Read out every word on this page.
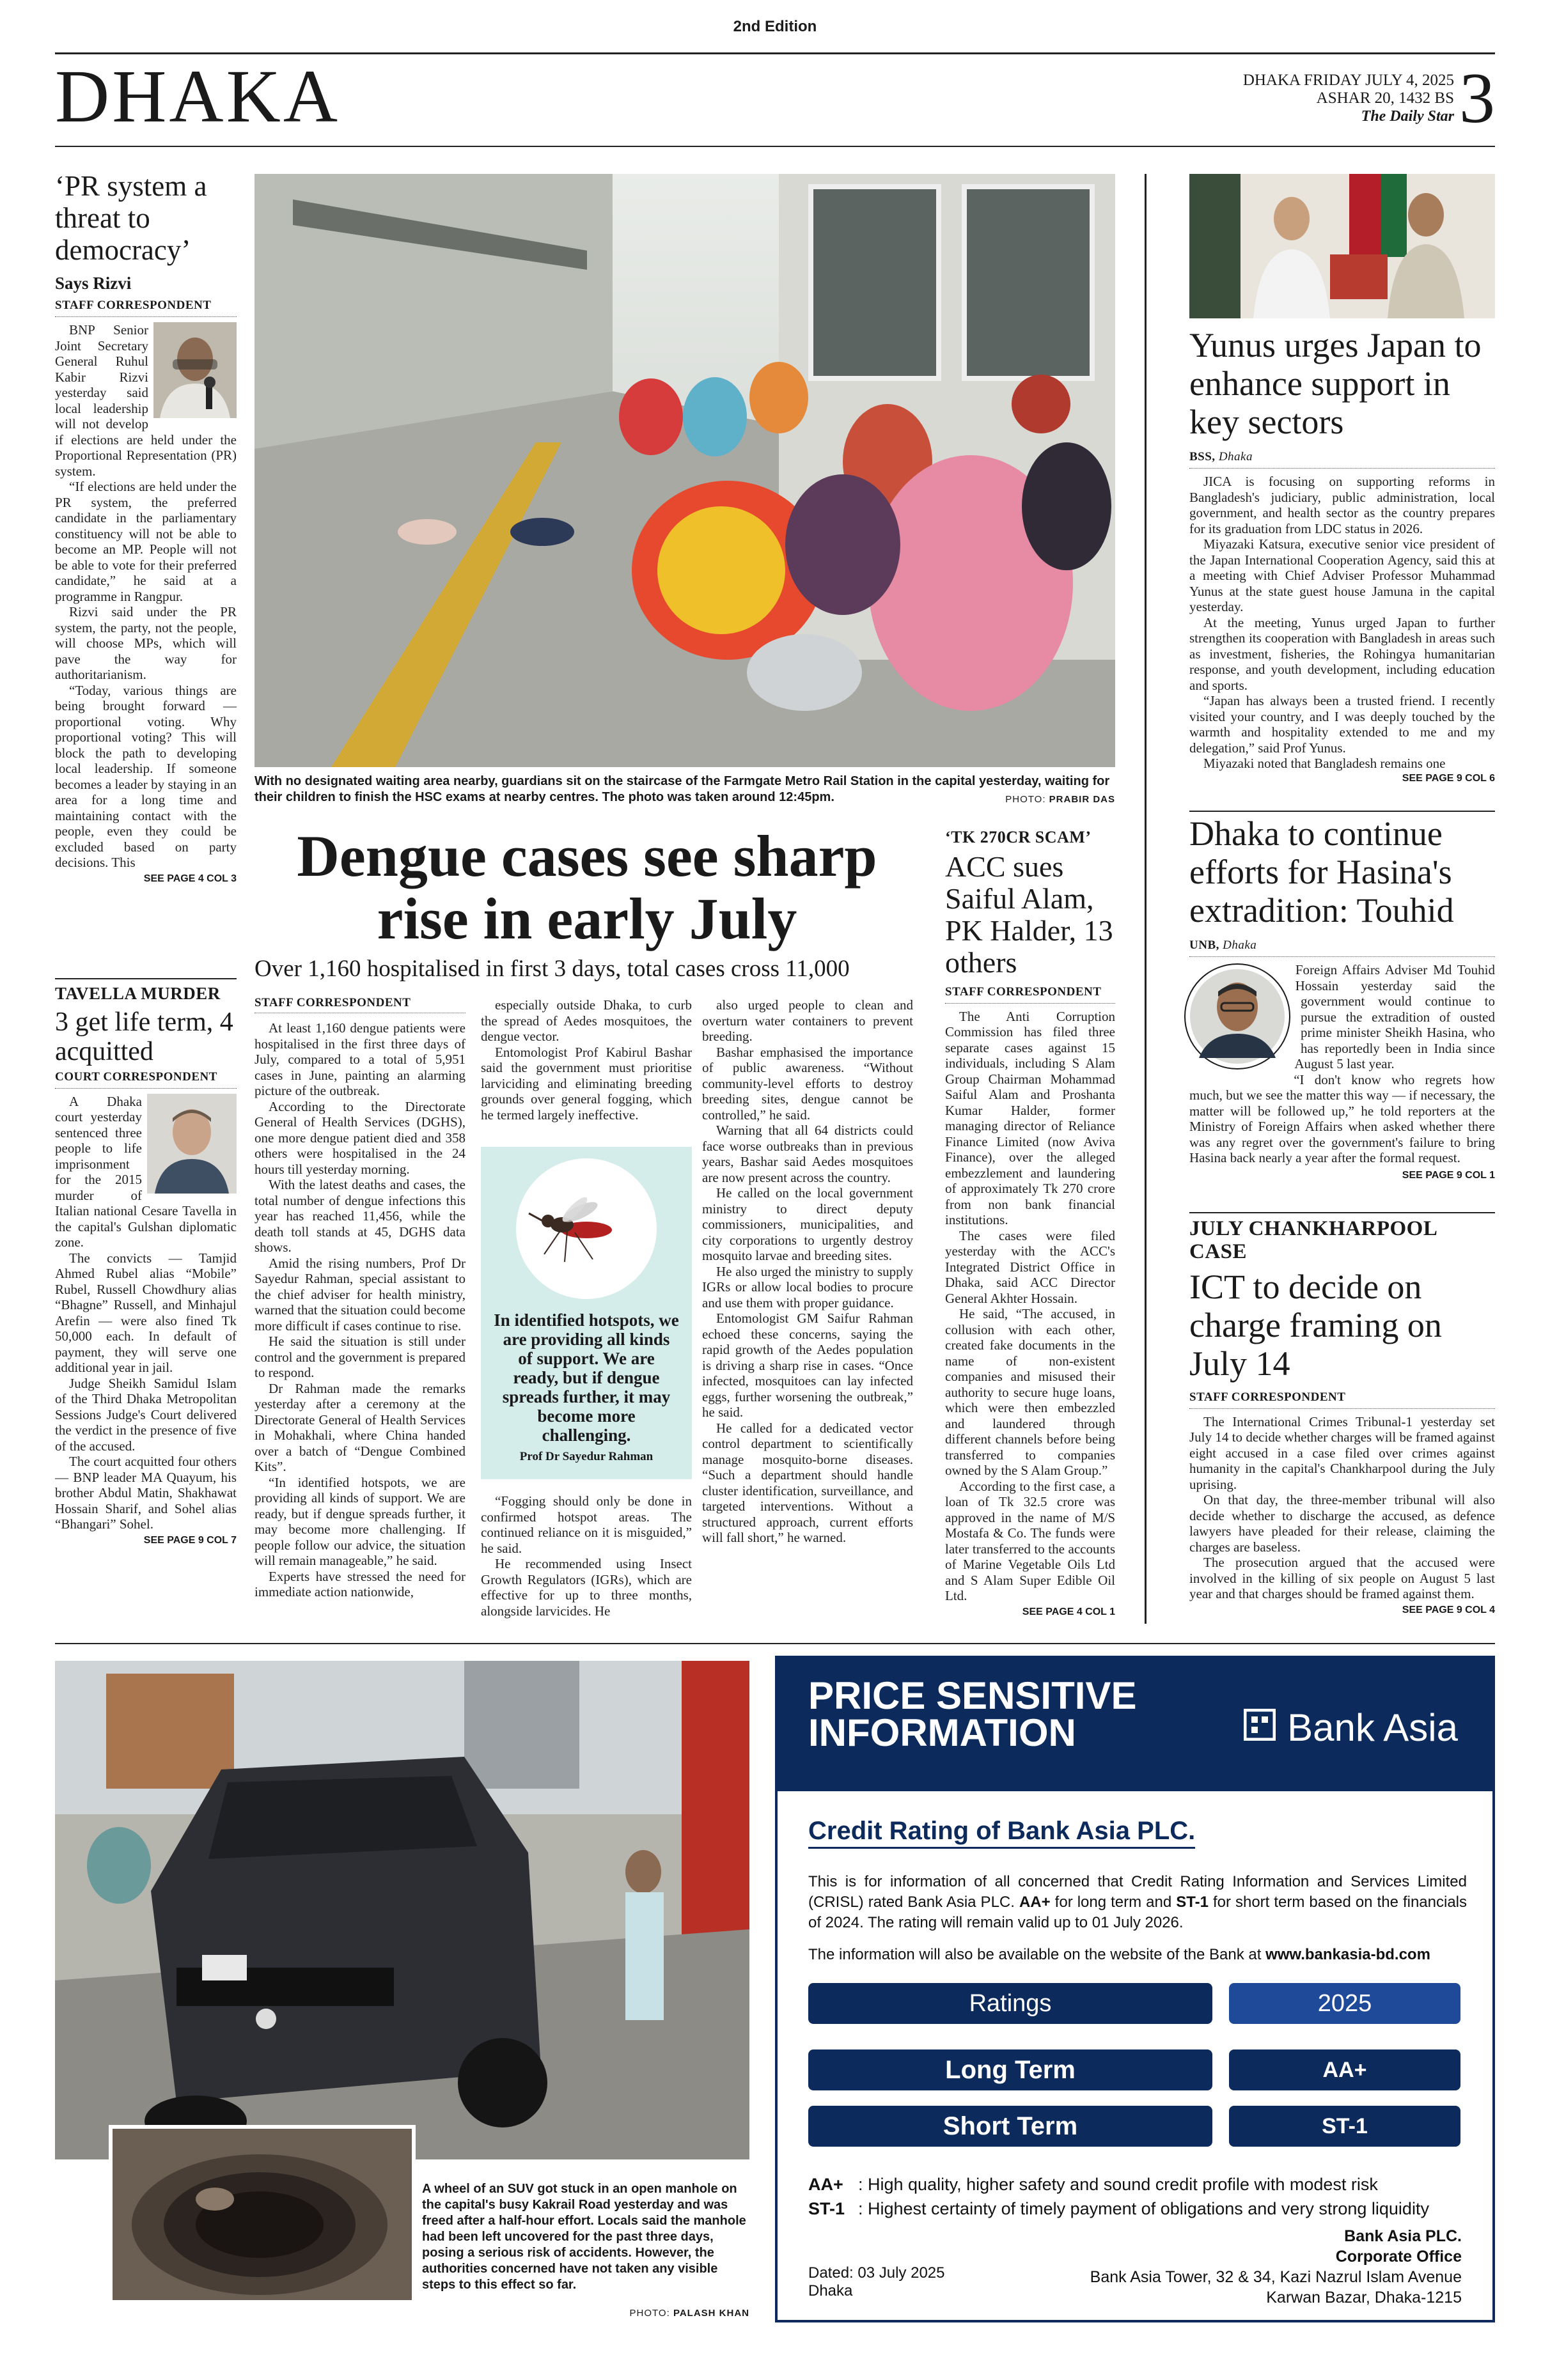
2nd Edition
DHAKA	DHAKA FRIDAY JULY 4, 2025
ASHAR 20, 1432 BS
The Daily Star 3
‘PR system a threat to democracy’
Says Rizvi
STAFF CORRESPONDENT

BNP Senior Joint Secretary General Ruhul Kabir Rizvi yesterday said local leadership will not develop if elections are held under the Proportional Representation (PR) system.

“If elections are held under the PR system, the preferred candidate in the parliamentary constituency will not be able to become an MP. People will not be able to vote for their preferred candidate,” he said at a programme in Rangpur.

Rizvi said under the PR system, the party, not the people, will choose MPs, which will pave the way for authoritarianism.

“Today, various things are being brought forward — proportional voting. Why proportional voting? This will block the path to developing local leadership. If someone becomes a leader by staying in an area for a long time and maintaining contact with the people, even they could be excluded based on party decisions. This

SEE PAGE 4 COL 3
TAVELLA MURDER
3 get life term, 4 acquitted
COURT CORRESPONDENT

A Dhaka court yesterday sentenced three people to life imprisonment for the 2015 murder of Italian national Cesare Tavella in the capital's Gulshan diplomatic zone.

The convicts — Tamjid Ahmed Rubel alias “Mobile” Rubel, Russell Chowdhury alias “Bhagne” Russell, and Minhajul Arefin — were also fined Tk 50,000 each. In default of payment, they will serve one additional year in jail.

Judge Sheikh Samidul Islam of the Third Dhaka Metropolitan Sessions Judge's Court delivered the verdict in the presence of five of the accused.

The court acquitted four others — BNP leader MA Quayum, his brother Abdul Matin, Shakhawat Hossain Sharif, and Sohel alias “Bhangari” Sohel.

SEE PAGE 9 COL 7
With no designated waiting area nearby, guardians sit on the staircase of the Farmgate Metro Rail Station in the capital yesterday, waiting for their children to finish the HSC exams at nearby centres. The photo was taken around 12:45pm.	PHOTO: PRABIR DAS
Dengue cases see sharp rise in early July
Over 1,160 hospitalised in first 3 days, total cases cross 11,000
STAFF CORRESPONDENT

At least 1,160 dengue patients were hospitalised in the first three days of July, compared to a total of 5,951 cases in June, painting an alarming picture of the outbreak.

According to the Directorate General of Health Services (DGHS), one more dengue patient died and 358 others were hospitalised in the 24 hours till yesterday morning.

With the latest deaths and cases, the total number of dengue infections this year has reached 11,456, while the death toll stands at 45, DGHS data shows.

Amid the rising numbers, Prof Dr Sayedur Rahman, special assistant to the chief adviser for health ministry, warned that the situation could become more difficult if cases continue to rise.

He said the situation is still under control and the government is prepared to respond.

Dr Rahman made the remarks yesterday after a ceremony at the Directorate General of Health Services in Mohakhali, where China handed over a batch of “Dengue Combined Kits”.

“In identified hotspots, we are providing all kinds of support. We are ready, but if dengue spreads further, it may become more challenging. If people follow our advice, the situation will remain manageable,” he said.

Experts have stressed the need for immediate action nationwide,

especially outside Dhaka, to curb the spread of Aedes mosquitoes, the dengue vector.

Entomologist Prof Kabirul Bashar said the government must prioritise larviciding and eliminating breeding grounds over general fogging, which he termed largely ineffective.

In identified hotspots, we are providing all kinds of support. We are ready, but if dengue spreads further, it may become more challenging.
Prof Dr Sayedur Rahman

“Fogging should only be done in confirmed hotspot areas. The continued reliance on it is misguided,” he said.

He recommended using Insect Growth Regulators (IGRs), which are effective for up to three months, alongside larvicides. He

also urged people to clean and overturn water containers to prevent breeding.

Bashar emphasised the importance of public awareness. “Without community-level efforts to destroy breeding sites, dengue cannot be controlled,” he said.

Warning that all 64 districts could face worse outbreaks than in previous years, Bashar said Aedes mosquitoes are now present across the country.

He called on the local government ministry to direct deputy commissioners, municipalities, and city corporations to urgently destroy mosquito larvae and breeding sites.

He also urged the ministry to supply IGRs or allow local bodies to procure and use them with proper guidance.

Entomologist GM Saifur Rahman echoed these concerns, saying the rapid growth of the Aedes population is driving a sharp rise in cases. “Once infected, mosquitoes can lay infected eggs, further worsening the outbreak,” he said.

He called for a dedicated vector control department to scientifically manage mosquito-borne diseases. “Such a department should handle cluster identification, surveillance, and targeted interventions. Without a structured approach, current efforts will fall short,” he warned.

‘TK 270CR SCAM’
ACC sues Saiful Alam, PK Halder, 13 others
STAFF CORRESPONDENT

The Anti Corruption Commission has filed three separate cases against 15 individuals, including S Alam Group Chairman Mohammad Saiful Alam and Proshanta Kumar Halder, former managing director of Reliance Finance Limited (now Aviva Finance), over the alleged embezzlement and laundering of approximately Tk 270 crore from non bank financial institutions.

The cases were filed yesterday with the ACC's Integrated District Office in Dhaka, said ACC Director General Akhter Hossain.

He said, “The accused, in collusion with each other, created fake documents in the name of non-existent companies and misused their authority to secure huge loans, which were then embezzled and laundered through different channels before being transferred to companies owned by the S Alam Group.”

According to the first case, a loan of Tk 32.5 crore was approved in the name of M/S Mostafa & Co. The funds were later transferred to the accounts of Marine Vegetable Oils Ltd and S Alam Super Edible Oil Ltd.

SEE PAGE 4 COL 1
Yunus urges Japan to enhance support in key sectors
BSS, Dhaka

JICA is focusing on supporting reforms in Bangladesh's judiciary, public administration, local government, and health sector as the country prepares for its graduation from LDC status in 2026.

Miyazaki Katsura, executive senior vice president of the Japan International Cooperation Agency, said this at a meeting with Chief Adviser Professor Muhammad Yunus at the state guest house Jamuna in the capital yesterday.

At the meeting, Yunus urged Japan to further strengthen its cooperation with Bangladesh in areas such as investment, fisheries, the Rohingya humanitarian response, and youth development, including education and sports.

“Japan has always been a trusted friend. I recently visited your country, and I was deeply touched by the warmth and hospitality extended to me and my delegation,” said Prof Yunus.

Miyazaki noted that Bangladesh remains one

SEE PAGE 9 COL 6
Dhaka to continue efforts for Hasina's extradition: Touhid
UNB, Dhaka

Foreign Affairs Adviser Md Touhid Hossain yesterday said the government would continue to pursue the extradition of ousted prime minister Sheikh Hasina, who has reportedly been in India since August 5 last year.

“I don't know who regrets how much, but we see the matter this way — if necessary, the matter will be followed up,” he told reporters at the Ministry of Foreign Affairs when asked whether there was any regret over the government's failure to bring Hasina back nearly a year after the formal request.

SEE PAGE 9 COL 1
JULY CHANKHARPOOL CASE
ICT to decide on charge framing on July 14
STAFF CORRESPONDENT

The International Crimes Tribunal-1 yesterday set July 14 to decide whether charges will be framed against eight accused in a case filed over crimes against humanity in the capital's Chankharpool during the July uprising.

On that day, the three-member tribunal will also decide whether to discharge the accused, as defence lawyers have pleaded for their release, claiming the charges are baseless.

The prosecution argued that the accused were involved in the killing of six people on August 5 last year and that charges should be framed against them.

SEE PAGE 9 COL 4
A wheel of an SUV got stuck in an open manhole on the capital's busy Kakrail Road yesterday and was freed after a half-hour effort. Locals said the manhole had been left uncovered for the past three days, posing a serious risk of accidents. However, the authorities concerned have not taken any visible steps to this effect so far.
PHOTO: PALASH KHAN
PRICE SENSITIVE
INFORMATION	Bank Asia
Credit Rating of Bank Asia PLC.
This is for information of all concerned that Credit Rating Information and Services Limited (CRISL) rated Bank Asia PLC. AA+ for long term and ST-1 for short term based on the financials of 2024. The rating will remain valid up to 01 July 2026.
The information will also be available on the website of the Bank at www.bankasia-bd.com
Ratings	2025
Long Term	AA+
Short Term	ST-1
AA+ : High quality, higher safety and sound credit profile with modest risk
ST-1 : Highest certainty of timely payment of obligations and very strong liquidity
Dated: 03 July 2025
Dhaka
Bank Asia PLC.
Corporate Office
Bank Asia Tower, 32 & 34, Kazi Nazrul Islam Avenue
Karwan Bazar, Dhaka-1215
